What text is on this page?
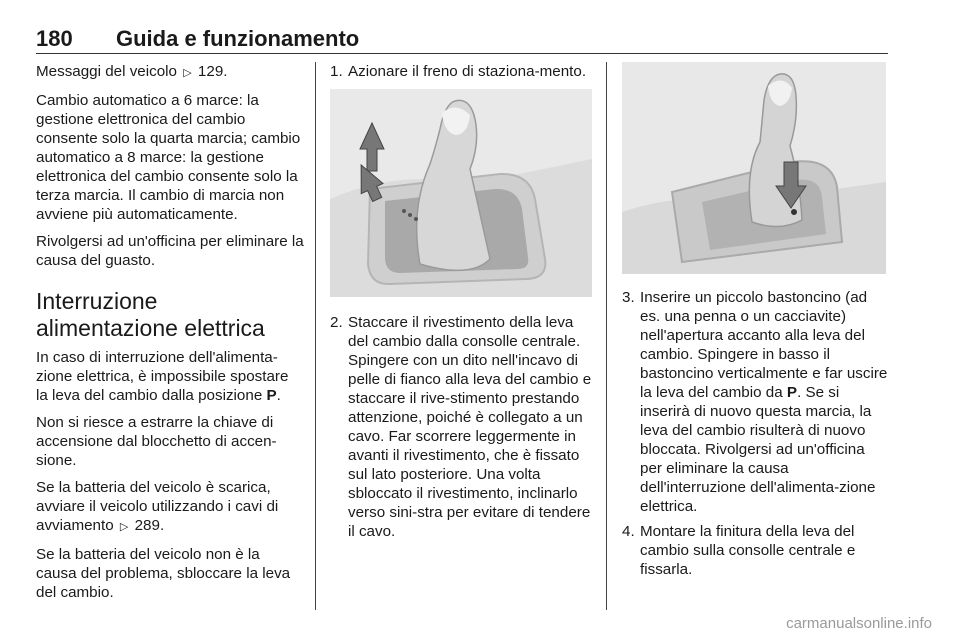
180 Guida e funzionamento

Messaggi del veicolo ▷ 129.

Cambio automatico a 6 marce: la gestione elettronica del cambio consente solo la quarta marcia; cambio automatico a 8 marce: la gestione elettronica del cambio consente solo la terza marcia. Il cambio di marcia non avviene più automaticamente.

Rivolgersi ad un'officina per eliminare la causa del guasto.

Interruzione alimentazione elettrica

In caso di interruzione dell'alimenta-zione elettrica, è impossibile spostare la leva del cambio dalla posizione P.

Non si riesce a estrarre la chiave di accensione dal blocchetto di accen-sione.

Se la batteria del veicolo è scarica, avviare il veicolo utilizzando i cavi di avviamento ▷ 289.

Se la batteria del veicolo non è la causa del problema, sbloccare la leva del cambio.

1. Azionare il freno di staziona-mento.
2. Staccare il rivestimento della leva del cambio dalla consolle centrale. Spingere con un dito nell'incavo di pelle di fianco alla leva del cambio e staccare il rive-stimento prestando attenzione, poiché è collegato a un cavo. Far scorrere leggermente in avanti il rivestimento, che è fissato sul lato posteriore. Una volta sbloccato il rivestimento, inclinarlo verso sini-stra per evitare di tendere il cavo.
3. Inserire un piccolo bastoncino (ad es. una penna o un cacciavite) nell'apertura accanto alla leva del cambio. Spingere in basso il bastoncino verticalmente e far uscire la leva del cambio da P. Se si inserirà di nuovo questa marcia, la leva del cambio risulterà di nuovo bloccata. Rivolgersi ad un'officina per eliminare la causa dell'interruzione dell'alimenta-zione elettrica.
4. Montare la finitura della leva del cambio sulla consolle centrale e fissarla.
carmanualsonline.info
